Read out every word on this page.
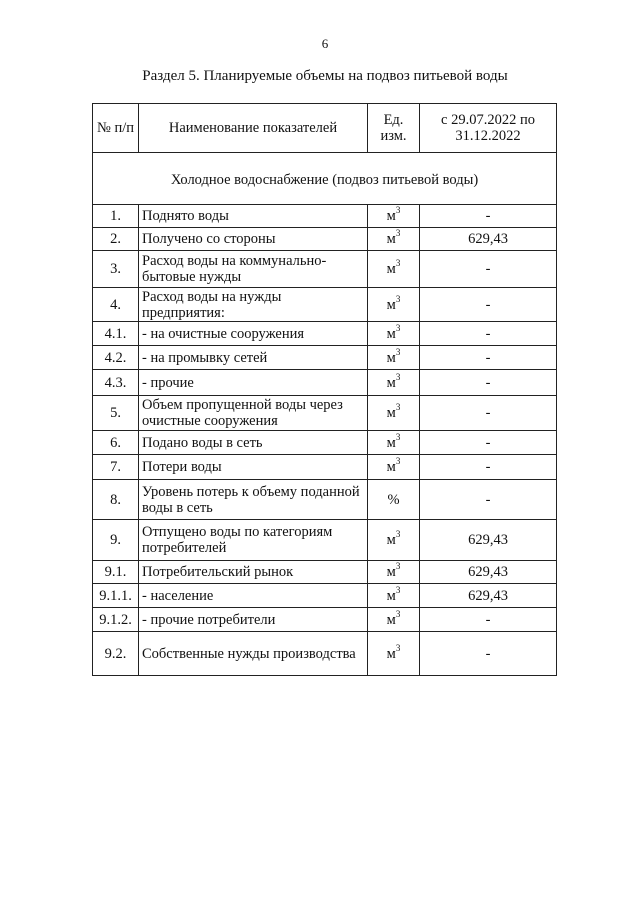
6
Раздел 5. Планируемые объемы на подвоз питьевой воды
№ п/п	Наименование показателей	Ед. изм.	с 29.07.2022 по 31.12.2022
Холодное водоснабжение (подвоз питьевой воды)			
1.	Поднято воды	$м^3$	-
2.	Получено со стороны	$м^3$	629,43
3.	Расход воды на коммунально-бытовые нужды	$м^3$	-
4.	Расход воды на нужды предприятия:	$м^3$	-
4.1.	- на очистные сооружения	$м^3$	-
4.2.	- на промывку сетей	$м^3$	-
4.3.	- прочие	$м^3$	-
5.	Объем пропущенной воды через очистные сооружения	$м^3$	-
6.	Подано воды в сеть	$м^3$	-
7.	Потери воды	$м^3$	-
8.	Уровень потерь к объему поданной воды в сеть	%	-
9.	Отпущено воды по категориям потребителей	$м^3$	629,43
9.1.	Потребительский рынок	$м^3$	629,43
9.1.1.	- население	$м^3$	629,43
9.1.2.	- прочие потребители	$м^3$	-
9.2.	Собственные нужды производства	$м^3$	-
